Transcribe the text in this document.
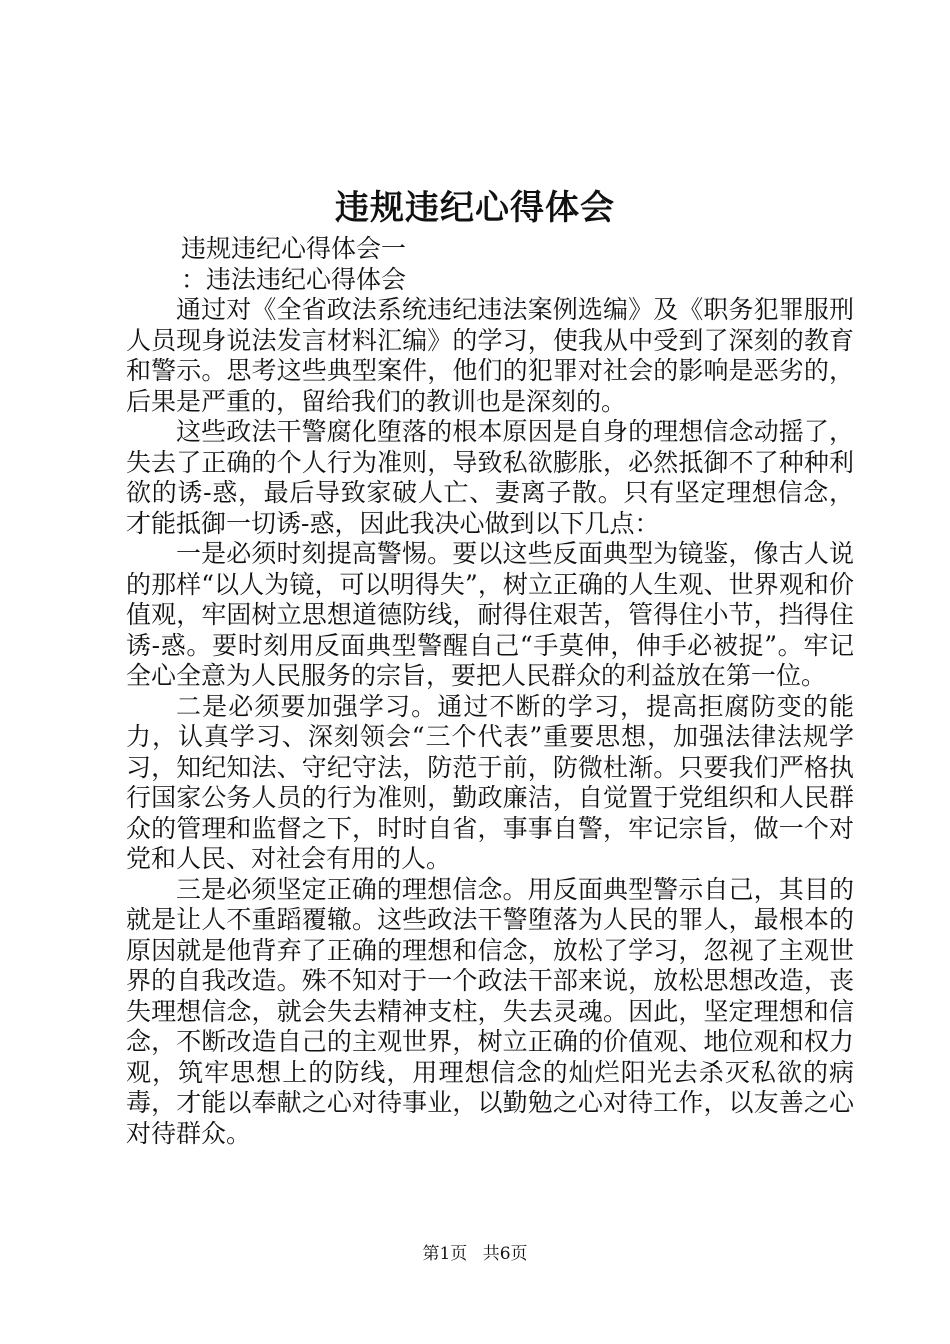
违规违纪心得体会

违规违纪心得体会一

：违法违纪心得体会

通过对《全省政法系统违纪违法案例选编》及《职务犯罪服刑人员现身说法发言材料汇编》的学习，使我从中受到了深刻的教育和警示。思考这些典型案件，他们的犯罪对社会的影响是恶劣的，后果是严重的，留给我们的教训也是深刻的。

这些政法干警腐化堕落的根本原因是自身的理想信念动摇了，失去了正确的个人行为准则，导致私欲膨胀，必然抵御不了种种利欲的诱-惑，最后导致家破人亡、妻离子散。只有坚定理想信念，才能抵御一切诱-惑，因此我决心做到以下几点：

一是必须时刻提高警惕。要以这些反面典型为镜鉴，像古人说的那样“以人为镜，可以明得失”，树立正确的人生观、世界观和价值观，牢固树立思想道德防线，耐得住艰苦，管得住小节，挡得住诱-惑。要时刻用反面典型警醒自己“手莫伸，伸手必被捉”。牢记全心全意为人民服务的宗旨，要把人民群众的利益放在第一位。

二是必须要加强学习。通过不断的学习，提高拒腐防变的能力，认真学习、深刻领会“三个代表”重要思想，加强法律法规学习，知纪知法、守纪守法，防范于前，防微杜渐。只要我们严格执行国家公务人员的行为准则，勤政廉洁，自觉置于党组织和人民群众的管理和监督之下，时时自省，事事自警，牢记宗旨，做一个对党和人民、对社会有用的人。

三是必须坚定正确的理想信念。用反面典型警示自己，其目的就是让人不重蹈覆辙。这些政法干警堕落为人民的罪人，最根本的原因就是他背弃了正确的理想和信念，放松了学习，忽视了主观世界的自我改造。殊不知对于一个政法干部来说，放松思想改造，丧失理想信念，就会失去精神支柱，失去灵魂。因此，坚定理想和信念，不断改造自己的主观世界，树立正确的价值观、地位观和权力观，筑牢思想上的防线，用理想信念的灿烂阳光去杀灭私欲的病毒，才能以奉献之心对待事业，以勤勉之心对待工作，以友善之心对待群众。

第1页 共6页
